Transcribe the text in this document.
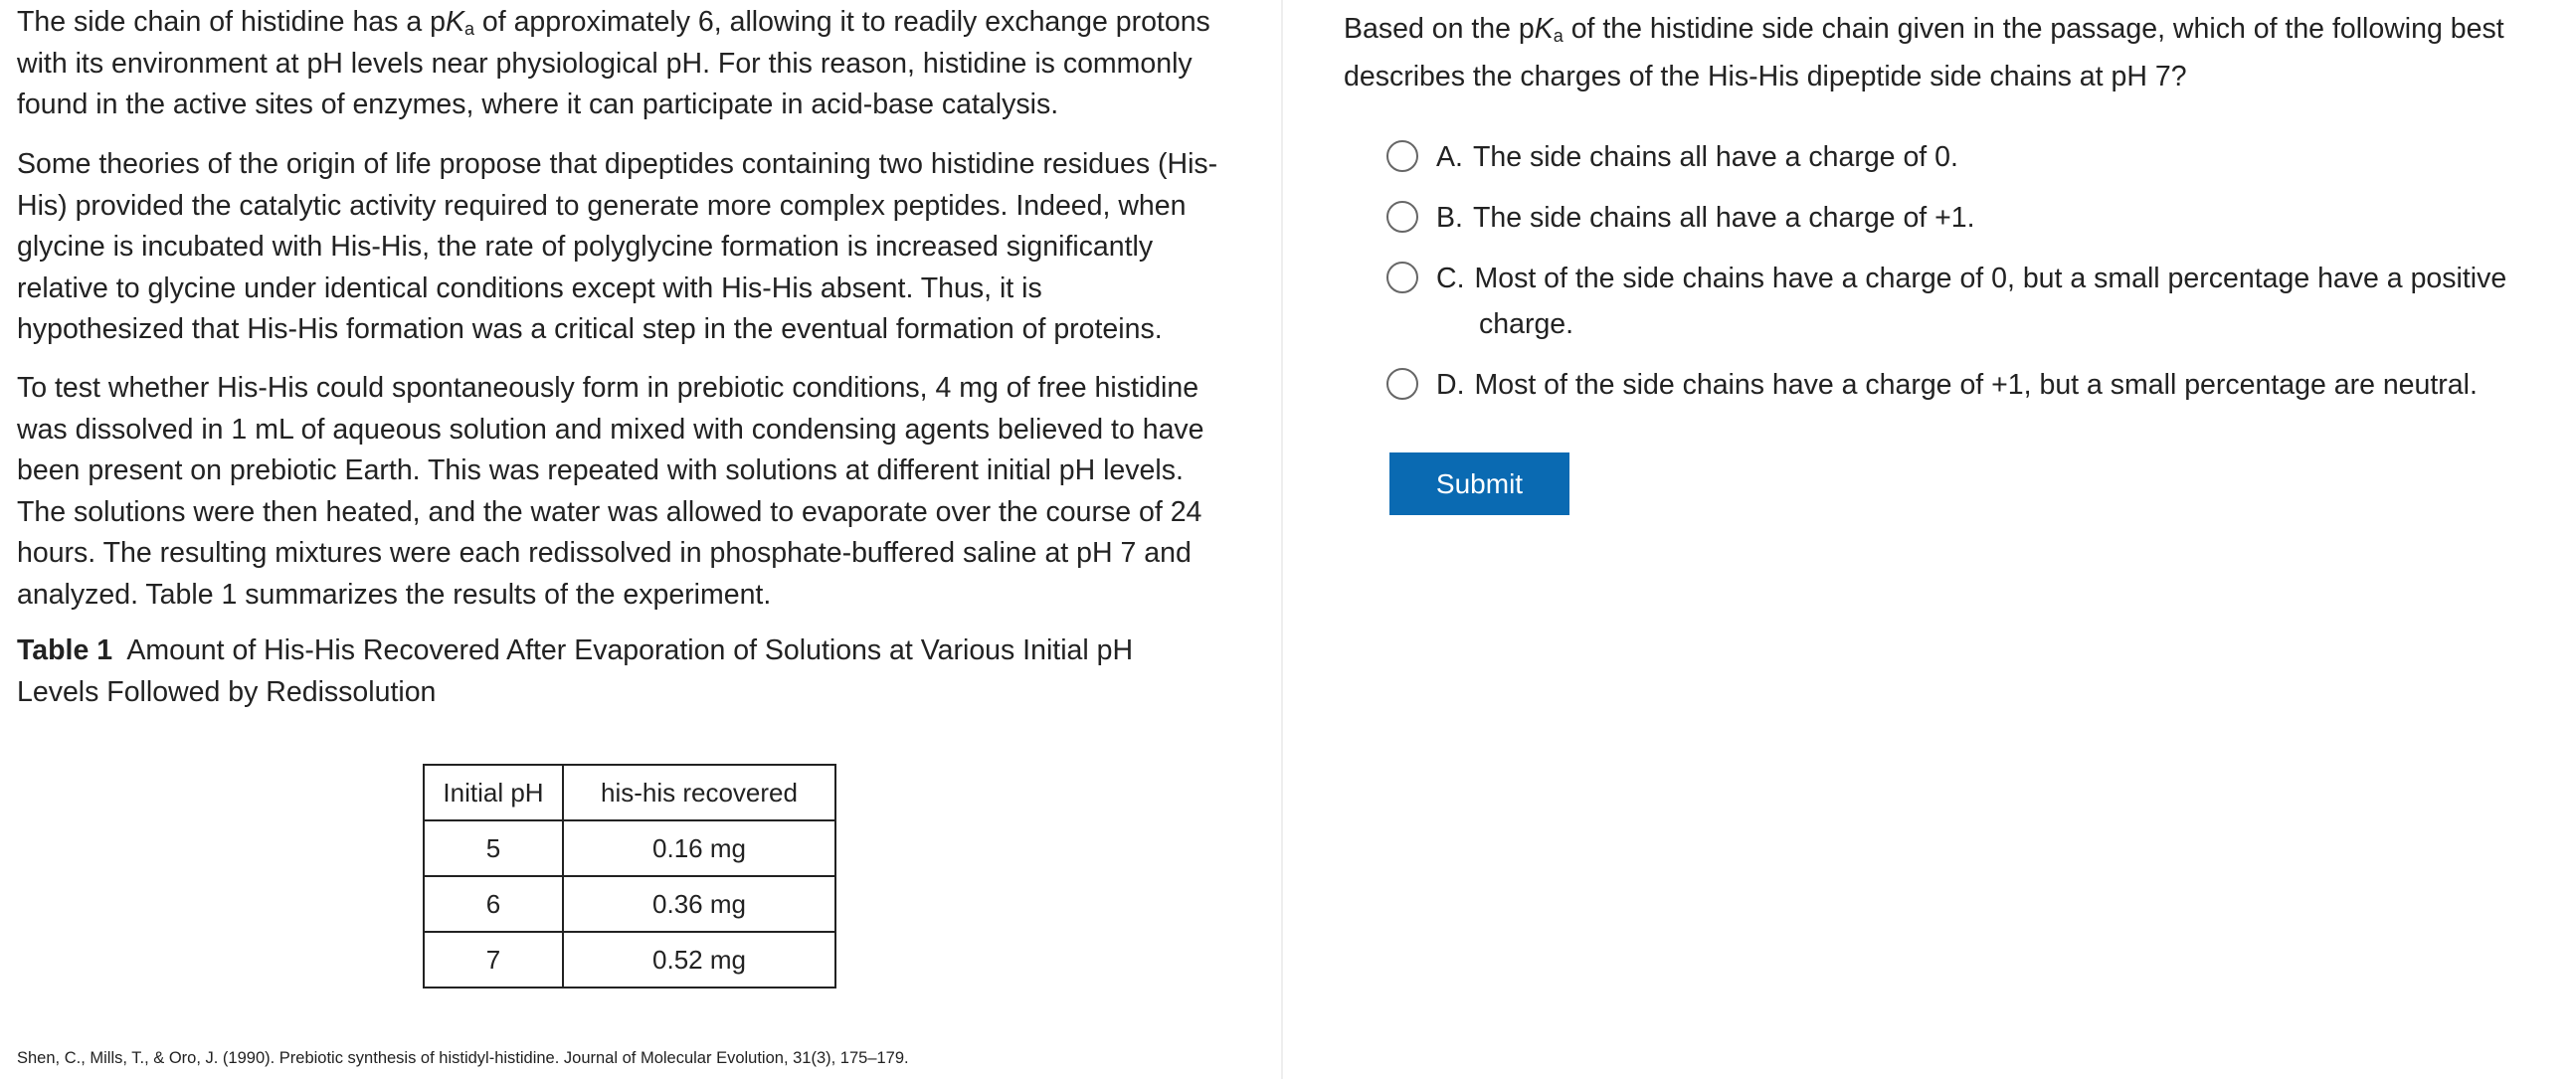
The side chain of histidine has a $pK_a$ of approximately 6, allowing it to readily exchange protons
with its environment at pH levels near physiological pH. For this reason, histidine is commonly
found in the active sites of enzymes, where it can participate in acid-base catalysis.

Some theories of the origin of life propose that dipeptides containing two histidine residues (His-
His) provided the catalytic activity required to generate more complex peptides. Indeed, when
glycine is incubated with His-His, the rate of polyglycine formation is increased significantly
relative to glycine under identical conditions except with His-His absent. Thus, it is
hypothesized that His-His formation was a critical step in the eventual formation of proteins.

To test whether His-His could spontaneously form in prebiotic conditions, 4 mg of free histidine
was dissolved in 1 mL of aqueous solution and mixed with condensing agents believed to have
been present on prebiotic Earth. This was repeated with solutions at different initial pH levels.
The solutions were then heated, and the water was allowed to evaporate over the course of 24
hours. The resulting mixtures were each redissolved in phosphate-buffered saline at pH 7 and
analyzed. Table 1 summarizes the results of the experiment.

Table 1  Amount of His-His Recovered After Evaporation of Solutions at Various Initial pH
Levels Followed by Redissolution
Initial pH	his-his recovered
5	0.16 mg
6	0.36 mg
7	0.52 mg
Shen, C., Mills, T., & Oro, J. (1990). Prebiotic synthesis of histidyl-histidine. Journal of Molecular Evolution, 31(3), 175–179.
Based on the $pK_a$ of the histidine side chain given in the passage, which of the following best
describes the charges of the His-His dipeptide side chains at pH 7?
A. The side chains all have a charge of 0.
B. The side chains all have a charge of +1.
C. Most of the side chains have a charge of 0, but a small percentage have a positive
charge.
D. Most of the side chains have a charge of +1, but a small percentage are neutral.
Submit
